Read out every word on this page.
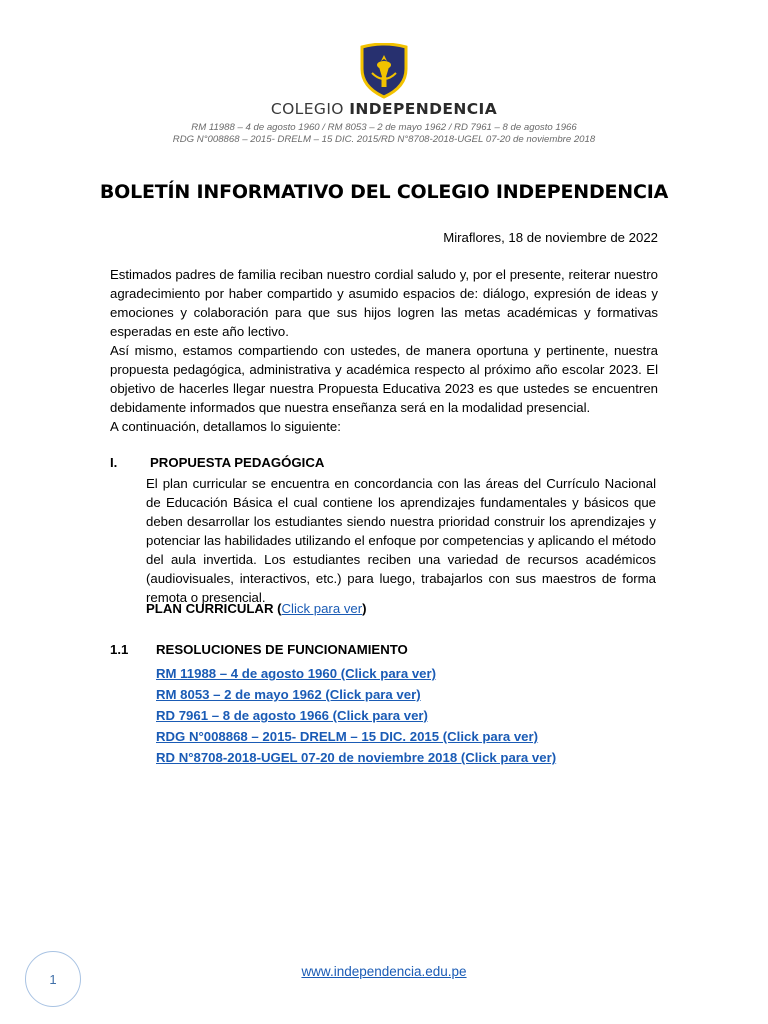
COLEGIO INDEPENDENCIA
RM 11988 – 4 de agosto 1960 / RM 8053 – 2 de mayo 1962 / RD 7961 – 8 de agosto 1966
RDG N°008868 – 2015- DRELM – 15 DIC. 2015/RD N°8708-2018-UGEL 07-20 de noviembre 2018
BOLETÍN INFORMATIVO DEL COLEGIO INDEPENDENCIA
Miraflores, 18 de noviembre de 2022
Estimados padres de familia reciban nuestro cordial saludo y, por el presente, reiterar nuestro agradecimiento por haber compartido y asumido espacios de: diálogo, expresión de ideas y emociones y colaboración para que sus hijos logren las metas académicas y formativas esperadas en este año lectivo.
Así mismo, estamos compartiendo con ustedes, de manera oportuna y pertinente, nuestra propuesta pedagógica, administrativa y académica respecto al próximo año escolar 2023. El objetivo de hacerles llegar nuestra Propuesta Educativa 2023 es que ustedes se encuentren debidamente informados que nuestra enseñanza será en la modalidad presencial.
A continuación, detallamos lo siguiente:
I. PROPUESTA PEDAGÓGICA
El plan curricular se encuentra en concordancia con las áreas del Currículo Nacional de Educación Básica el cual contiene los aprendizajes fundamentales y básicos que deben desarrollar los estudiantes siendo nuestra prioridad construir los aprendizajes y potenciar las habilidades utilizando el enfoque por competencias y aplicando el método del aula invertida. Los estudiantes reciben una variedad de recursos académicos (audiovisuales, interactivos, etc.) para luego, trabajarlos con sus maestros de forma remota o presencial.
PLAN CURRICULAR (Click para ver)
1.1 RESOLUCIONES DE FUNCIONAMIENTO
RM 11988 – 4 de agosto 1960 (Click para ver)
RM 8053 – 2 de mayo 1962 (Click para ver)
RD 7961 – 8 de agosto 1966 (Click para ver)
RDG N°008868 – 2015- DRELM – 15 DIC. 2015 (Click para ver)
RD N°8708-2018-UGEL 07-20 de noviembre 2018 (Click para ver)
1	www.independencia.edu.pe
